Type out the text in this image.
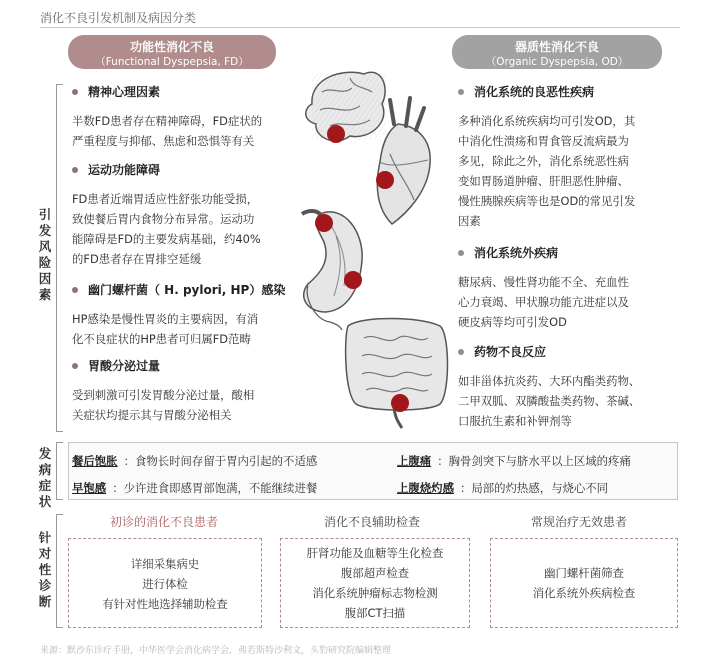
消化不良引发机制及病因分类
功能性消化不良
（Functional Dyspepsia, FD）
器质性消化不良
（Organic Dyspepsia, OD）
引发风险因素
发病症状
针对性诊断
精神心理因素
半数FD患者存在精神障碍，FD症状的
严重程度与抑郁、焦虑和恐惧等有关
运动功能障碍
FD患者近端胃适应性舒张功能受损，
致使餐后胃内食物分布异常。运动功
能障碍是FD的主要发病基础，约40%
的FD患者存在胃排空延缓
幽门螺杆菌（ H. pylori, HP）感染
HP感染是慢性胃炎的主要病因，有消
化不良症状的HP患者可归属FD范畴
胃酸分泌过量
受到刺激可引发胃酸分泌过量，酸相
关症状均提示其与胃酸分泌相关
消化系统的良恶性疾病
多种消化系统疾病均可引发OD，其
中消化性溃疡和胃食管反流病最为
多见，除此之外，消化系统恶性病
变如胃肠道肿瘤、肝胆恶性肿瘤、
慢性胰腺疾病等也是OD的常见引发
因素
消化系统外疾病
糖尿病、慢性肾功能不全、充血性
心力衰竭、甲状腺功能亢进症以及
硬皮病等均可引发OD
药物不良反应
如非甾体抗炎药、大环内酯类药物、
二甲双胍、双膦酸盐类药物、茶碱、
口服抗生素和补钾剂等
餐后饱胀 ：食物长时间存留于胃内引起的不适感	上腹痛 ：胸骨剑突下与脐水平以上区域的疼痛
早饱感 ：少许进食即感胃部饱满，不能继续进餐	上腹烧灼感 ：局部的灼热感，与烧心不同
初诊的消化不良患者	消化不良辅助检查	常规治疗无效患者
详细采集病史
进行体检
有针对性地选择辅助检查
肝肾功能及血糖等生化检查
腹部超声检查
消化系统肿瘤标志物检测
腹部CT扫描
幽门螺杆菌筛查
消化系统外疾病检查
来源：默沙东诊疗手册，中华医学会消化病学会，弗若斯特沙利文，头豹研究院编辑整理
